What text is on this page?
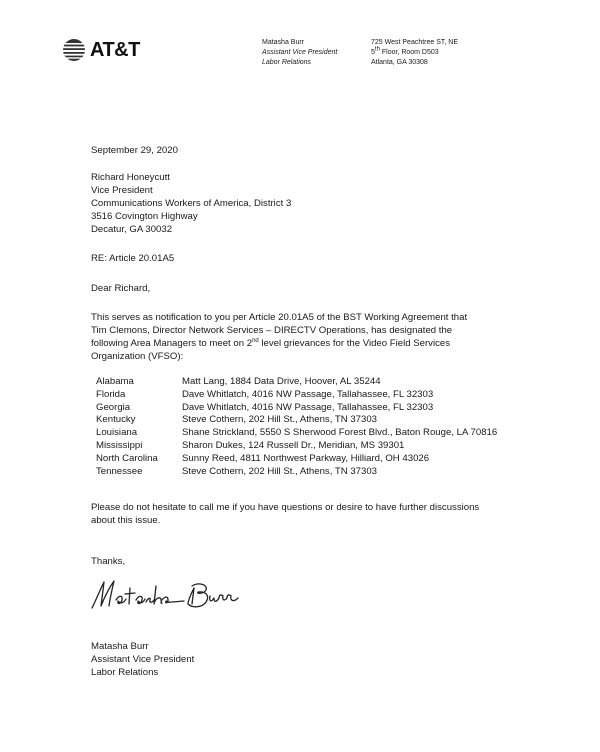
AT&T	Matasha Burr
Assistant Vice President
Labor Relations
725 West Peachtree ST, NE
5th Floor, Room D503
Atlanta, GA 30308
September 29, 2020
Richard Honeycutt
Vice President
Communications Workers of America, District 3
3516 Covington Highway
Decatur, GA 30032
RE: Article 20.01A5
Dear Richard,
This serves as notification to you per Article 20.01A5 of the BST Working Agreement that
Tim Clemons, Director Network Services – DIRECTV Operations, has designated the
following Area Managers to meet on 2nd level grievances for the Video Field Services
Organization (VFSO):
Alabama	Matt Lang, 1884 Data Drive, Hoover, AL 35244
Florida	Dave Whitlatch, 4016 NW Passage, Tallahassee, FL 32303
Georgia	Dave Whitlatch, 4016 NW Passage, Tallahassee, FL 32303
Kentucky	Steve Cothern, 202 Hill St., Athens, TN 37303
Louisiana	Shane Strickland, 5550 S Sherwood Forest Blvd., Baton Rouge, LA 70816
Mississippi	Sharon Dukes, 124 Russell Dr., Meridian, MS 39301
North Carolina	Sunny Reed, 4811 Northwest Parkway, Hilliard, OH 43026
Tennessee	Steve Cothern, 202 Hill St., Athens, TN 37303
Please do not hesitate to call me if you have questions or desire to have further discussions
about this issue.
Thanks,
Matasha Burr
Assistant Vice President
Labor Relations
